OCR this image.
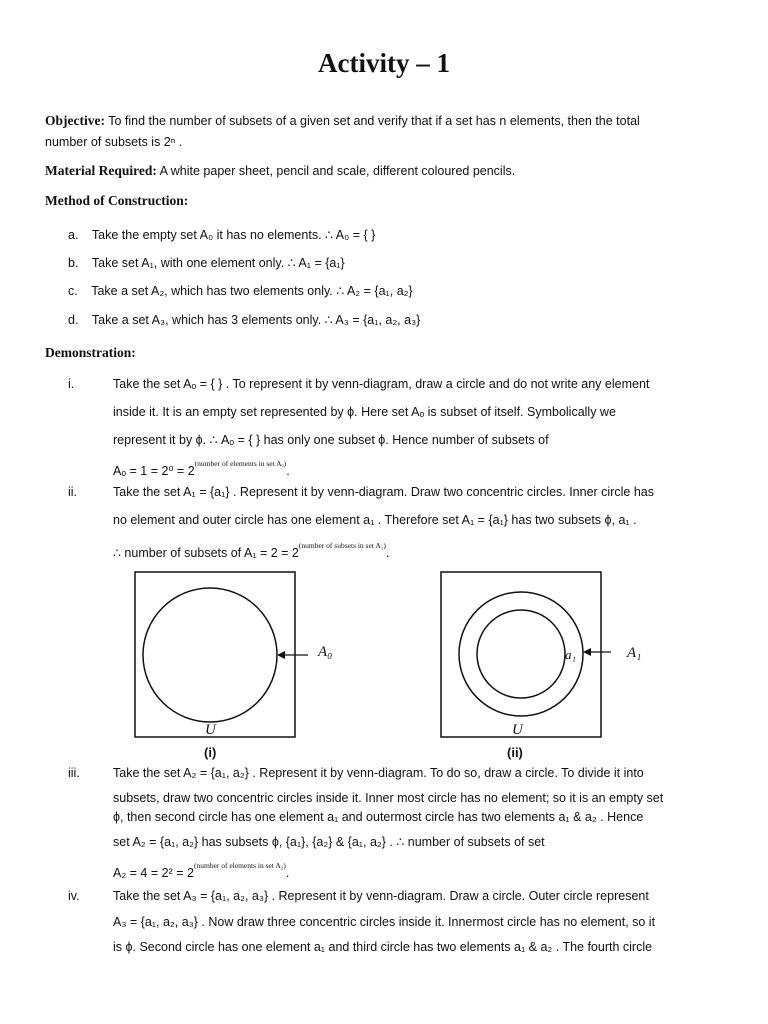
Activity – 1
Objective: To find the number of subsets of a given set and verify that if a set has n elements, then the total
number of subsets is 2ⁿ .
Material Required: A white paper sheet, pencil and scale, different coloured pencils.
Method of Construction:
a. Take the empty set A₀ it has no elements. ∴ A₀ = { }
b. Take set A₁, with one element only. ∴ A₁ = {a₁}
c. Take a set A₂, which has two elements only. ∴ A₂ = {a₁, a₂}
d. Take a set A₃, which has 3 elements only. ∴ A₃ = {a₁, a₂, a₃}
Demonstration:
i.	Take the set Aₒ = { } . To represent it by venn-diagram, draw a circle and do not write any element
inside it. It is an empty set represented by ϕ. Here set Aₒ is subset of itself. Symbolically we
represent it by ϕ. ∴ Aₒ = { } has only one subset ϕ. Hence number of subsets of
$A_o = 1 = 2^0 = 2^{(number of elements in set A_o)}$.
ii.	Take the set A₁ = {a₁} . Represent it by venn-diagram. Draw two concentric circles. Inner circle has
no element and outer circle has one element a₁ . Therefore set A₁ = {a₁} has two subsets ϕ, a₁ .
∴ number of subsets of $A_1 = 2 = 2^{(number of subsets in set A_1)}$.
A₀
U
(i)
a₁	A₁
U
(ii)
iii.	Take the set A₂ = {a₁, a₂} . Represent it by venn-diagram. To do so, draw a circle. To divide it into
subsets, draw two concentric circles inside it. Inner most circle has no element; so it is an empty set
ϕ, then second circle has one element a₁ and outermost circle has two elements a₁ & a₂ . Hence
set A₂ = {a₁, a₂} has subsets ϕ, {a₁}, {a₂} & {a₁, a₂} . ∴ number of subsets of set
$A_2 = 4 = 2^2 = 2^{(number of elements in set A_2)}$.
iv.	Take the set A₃ = {a₁, a₂, a₃} . Represent it by venn-diagram. Draw a circle. Outer circle represent
A₃ = {a₁, a₂, a₃} . Now draw three concentric circles inside it. Innermost circle has no element, so it
is ϕ. Second circle has one element a₁ and third circle has two elements a₁ & a₂ . The fourth circle
